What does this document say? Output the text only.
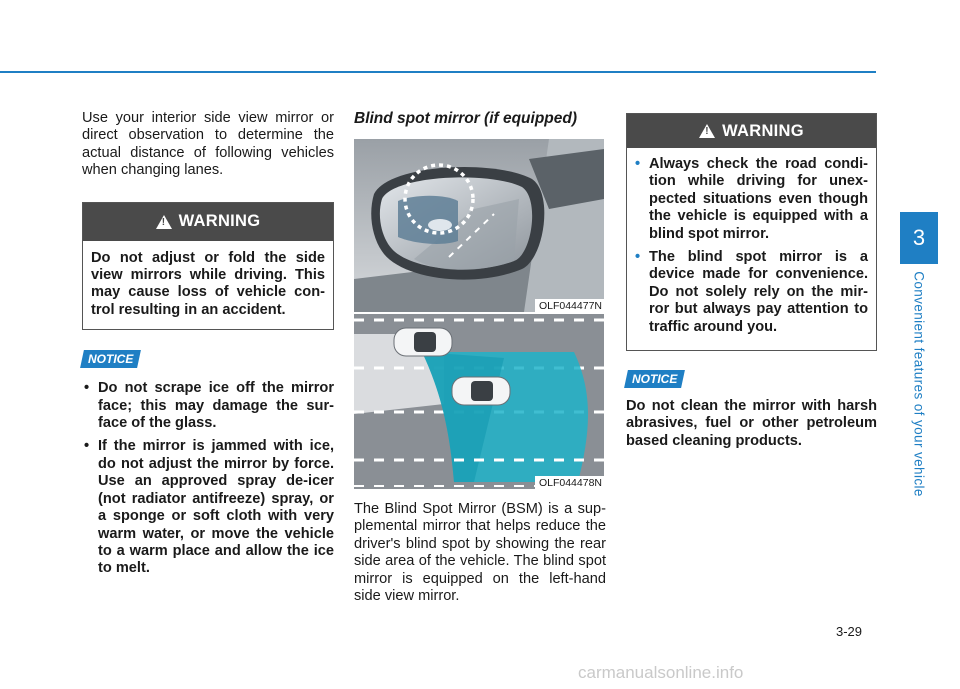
Use your interior side view mirror or direct observation to determine the actual distance of following vehicles when changing lanes.

! WARNING
Do not adjust or fold the side view mirrors while driving. This may cause loss of vehicle con-trol resulting in an accident.
NOTICE
• Do not scrape ice off the mirror face; this may damage the sur-face of the glass.
• If the mirror is jammed with ice, do not adjust the mirror by force. Use an approved spray de-icer (not radiator antifreeze) spray, or a sponge or soft cloth with very warm water, or move the vehicle to a warm place and allow the ice to melt.
Blind spot mirror (if equipped)
OLF044477N
OLF044478N

The Blind Spot Mirror (BSM) is a sup-plemental mirror that helps reduce the driver's blind spot by showing the rear side area of the vehicle. The blind spot mirror is equipped on the left-hand side view mirror.

! WARNING
• Always check the road condi-tion while driving for unex-pected situations even though the vehicle is equipped with a blind spot mirror.
• The blind spot mirror is a device made for convenience. Do not solely rely on the mir-ror but always pay attention to traffic around you.
NOTICE

Do not clean the mirror with harsh abrasives, fuel or other petroleum based cleaning products.

3
Convenient features of your vehicle
3-29
carmanualsonline.info
